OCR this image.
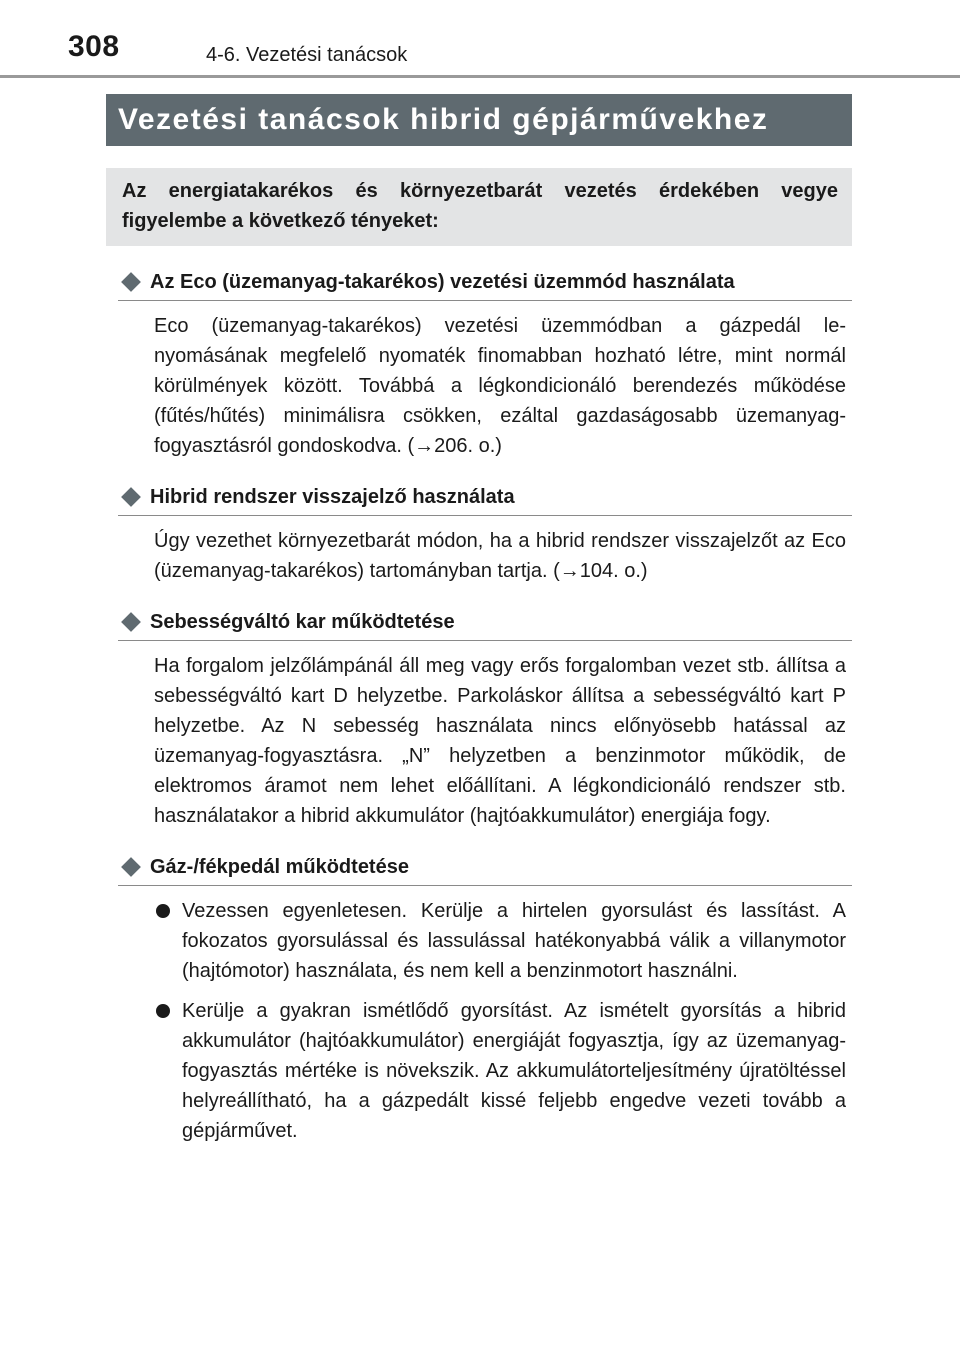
308	4-6. Vezetési tanácsok
Vezetési tanácsok hibrid gépjárművekhez
Az energiatakarékos és környezetbarát vezetés érdekében vegye figyelembe a következő tényeket:
Az Eco (üzemanyag-takarékos) vezetési üzemmód használata

Eco (üzemanyag-takarékos) vezetési üzemmódban a gázpedál lenyomásának megfelelő nyomaték finomabban hozható létre, mint normál körülmények között. Továbbá a légkondicionáló berendezés működése (fűtés/hűtés) minimálisra csökken, ezáltal gazdaságosabb üzemanyag-fogyasztásról gondoskodva. (→206. o.)

Hibrid rendszer visszajelző használata

Úgy vezethet környezetbarát módon, ha a hibrid rendszer visszajelzőt az Eco (üzemanyag-takarékos) tartományban tartja. (→104. o.)

Sebességváltó kar működtetése

Ha forgalom jelzőlámpánál áll meg vagy erős forgalomban vezet stb. állítsa a sebességváltó kart D helyzetbe. Parkoláskor állítsa a sebességváltó kart P helyzetbe. Az N sebesség használata nincs előnyösebb hatással az üzemanyag-fogyasztásra. „N” helyzetben a benzinmotor működik, de elektromos áramot nem lehet előállítani. A légkondicionáló rendszer stb. használatakor a hibrid akkumulátor (hajtóakkumulátor) energiája fogy.

Gáz-/fékpedál működtetése
Vezessen egyenletesen. Kerülje a hirtelen gyorsulást és lassítást. A fokozatos gyorsulással és lassulással hatékonyabbá válik a villanymotor (hajtómotor) használata, és nem kell a benzinmotort használni.
Kerülje a gyakran ismétlődő gyorsítást. Az ismételt gyorsítás a hibrid akkumulátor (hajtóakkumulátor) energiáját fogyasztja, így az üzemanyag-fogyasztás mértéke is növekszik. Az akkumulátorteljesítmény újratöltéssel helyreállítható, ha a gázpedált kissé feljebb engedve vezeti tovább a gépjárművet.
